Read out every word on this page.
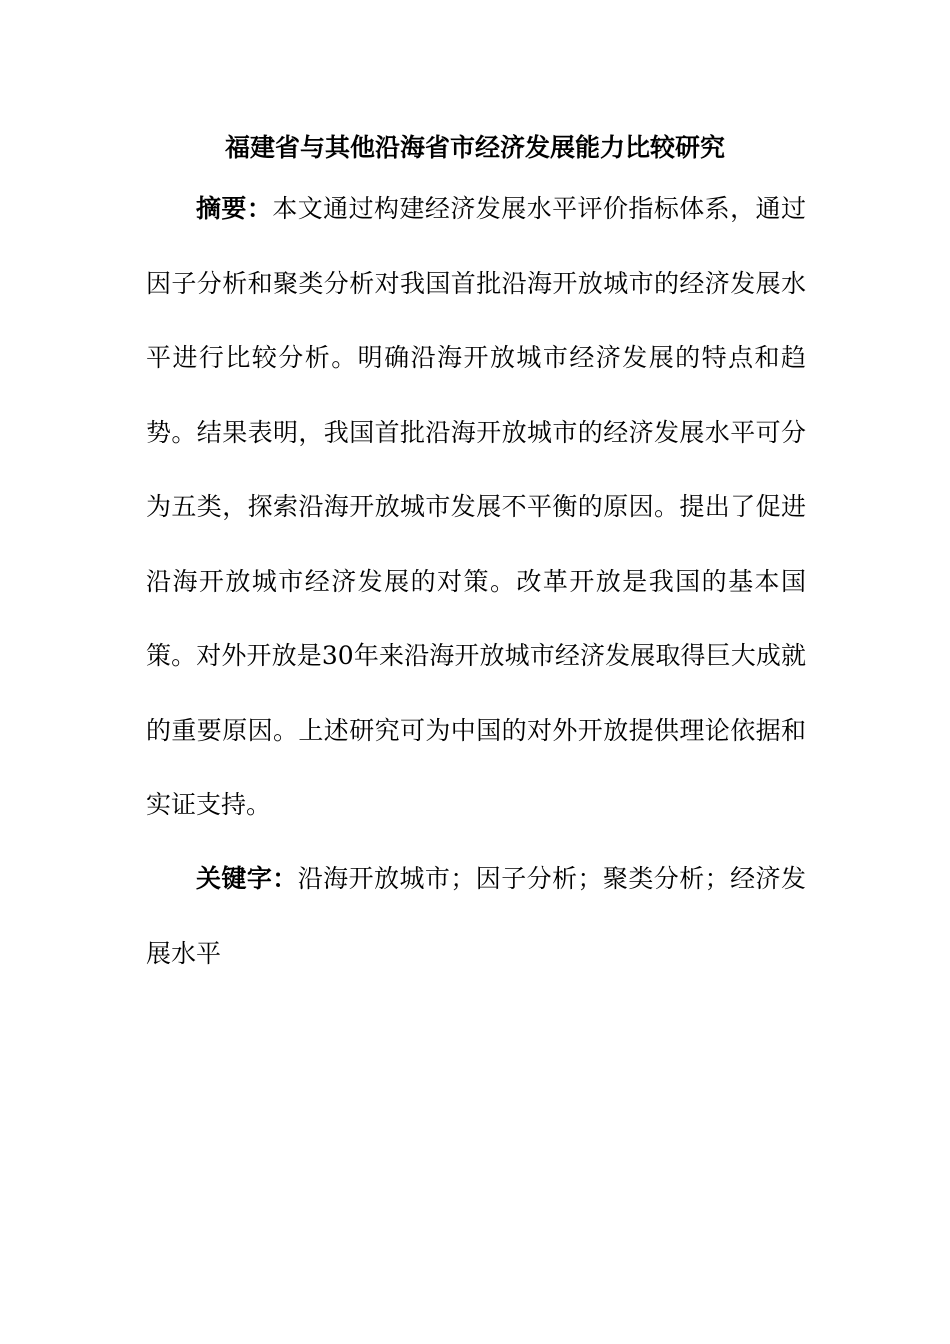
福建省与其他沿海省市经济发展能力比较研究

摘要：本文通过构建经济发展水平评价指标体系，通过因子分析和聚类分析对我国首批沿海开放城市的经济发展水平进行比较分析。明确沿海开放城市经济发展的特点和趋势。结果表明，我国首批沿海开放城市的经济发展水平可分为五类，探索沿海开放城市发展不平衡的原因。提出了促进沿海开放城市经济发展的对策。改革开放是我国的基本国策。对外开放是30年来沿海开放城市经济发展取得巨大成就的重要原因。上述研究可为中国的对外开放提供理论依据和实证支持。

关键字：沿海开放城市；因子分析；聚类分析；经济发展水平
